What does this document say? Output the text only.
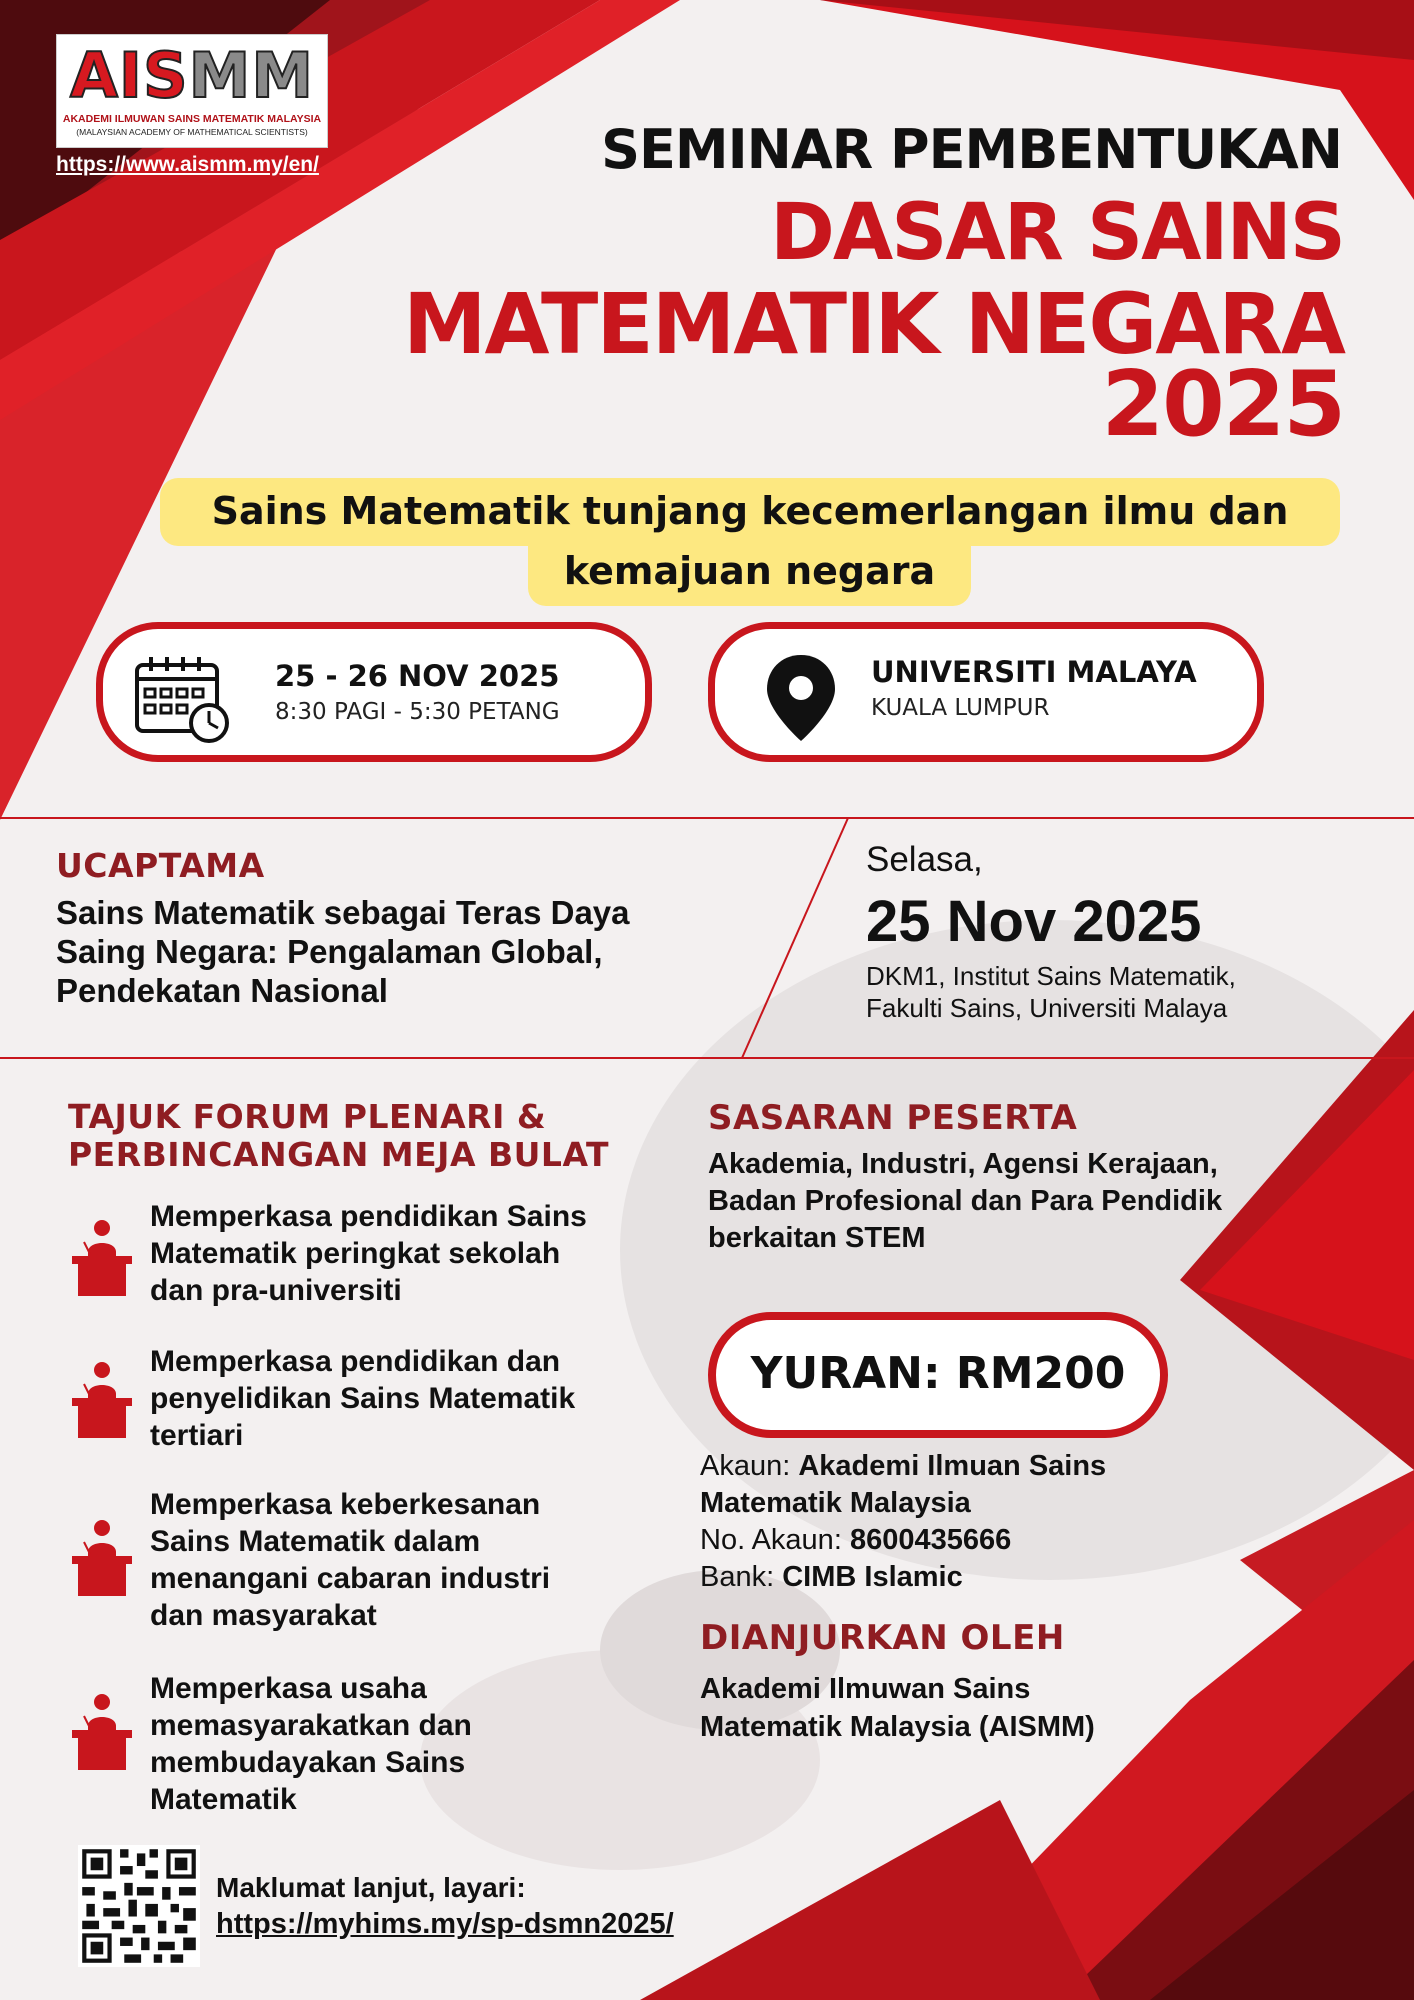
AISMM
AKADEMI ILMUWAN SAINS MATEMATIK MALAYSIA
(MALAYSIAN ACADEMY OF MATHEMATICAL SCIENTISTS)
https://www.aismm.my/en/	SEMINAR PEMBENTUKAN
DASAR SAINS
MATEMATIK NEGARA
2025
kemajuan negara
Sains Matematik tunjang kecemerlangan ilmu dan
25 - 26 NOV 2025
8:30 PAGI - 5:30 PETANG
UNIVERSITI MALAYA
KUALA LUMPUR
UCAPTAMA
Sains Matematik sebagai Teras Daya
Saing Negara: Pengalaman Global,
Pendekatan Nasional
Selasa,
25 Nov 2025
DKM1, Institut Sains Matematik,
Fakulti Sains, Universiti Malaya
TAJUK FORUM PLENARI &
PERBINCANGAN MEJA BULAT
Memperkasa pendidikan Sains
Matematik peringkat sekolah
dan pra-universiti
Memperkasa pendidikan dan
penyelidikan Sains Matematik
tertiari
Memperkasa keberkesanan
Sains Matematik dalam
menangani cabaran industri
dan masyarakat
Memperkasa usaha
memasyarakatkan dan
membudayakan Sains
Matematik
SASARAN PESERTA
Akademia, Industri, Agensi Kerajaan,
Badan Profesional dan Para Pendidik
berkaitan STEM
YURAN: RM200
Akaun: Akademi Ilmuan Sains
Matematik Malaysia
No. Akaun: 8600435666
Bank: CIMB Islamic
DIANJURKAN OLEH
Akademi Ilmuwan Sains
Matematik Malaysia (AISMM)
Maklumat lanjut, layari:
https://myhims.my/sp-dsmn2025/
